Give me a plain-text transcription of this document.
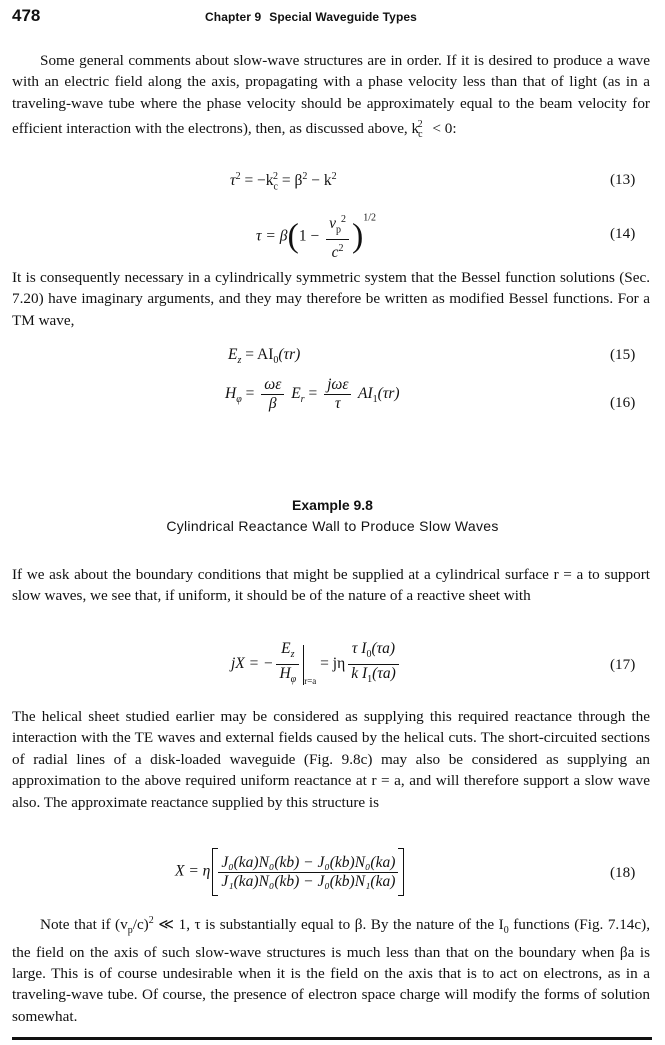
478	Chapter 9 Special Waveguide Types

Some general comments about slow-wave structures are in order. If it is desired to produce a wave with an electric field along the axis, propagating with a phase velocity less than that of light (as in a traveling-wave tube where the phase velocity should be approximately equal to the beam velocity for efficient interaction with the electrons), then, as discussed above, $k_c^2 < 0$:

$\tau^2 = -k_c^2 = \beta^2 - k^2$	(13)
$\tau = \beta(1 - \frac{v_p^2}{c^2} )^{1/2}$
(14)

It is consequently necessary in a cylindrically symmetric system that the Bessel function solutions (Sec. 7.20) have imaginary arguments, and they may therefore be written as modified Bessel functions. For a TM wave,

$E_z = AI_0(\tau r)$	(15)
$H_\varphi = \frac{\omega\varepsilon}{\beta} E_r = \frac{\text{jωε}}{\tau} AI_1(\tau r)$
(16)
Example 9.8
Cylindrical Reactance Wall to Produce Slow Waves

If we ask about the boundary conditions that might be supplied at a cylindrical surface r = a to support slow waves, we see that, if uniform, it should be of the nature of a reactive sheet with

jX = − $\frac{E_z}{H_\varphi} _{r=a} = j\eta \frac{\tau I_0(\tau a)}{k I_1(\tau a)}$	(17)

The helical sheet studied earlier may be considered as supplying this required reactance through the interaction with the TE waves and external fields caused by the helical cuts. The short-circuited sections of radial lines of a disk-loaded waveguide (Fig. 9.8c) may also be considered as supplying an approximation to the above required uniform reactance at r = a, and will therefore support a slow wave also. The approximate reactance supplied by this structure is

X = η $\frac{\text{J₀(ka)N₀(kb) − J₀(kb)N₀(ka)}}{\text{J₁(ka)N₀(kb) − J₀(kb)N₁(ka)}}$	(18)

Note that if $(v_p/c)^2$ ≪ 1, τ is substantially equal to β. By the nature of the $I_0$ functions (Fig. 7.14c), the field on the axis of such slow-wave structures is much less than that on the boundary when βa is large. This is of course undesirable when it is the field on the axis that is to act on electrons, as in a traveling-wave tube. Of course, the presence of electron space charge will modify the forms of solution somewhat.
